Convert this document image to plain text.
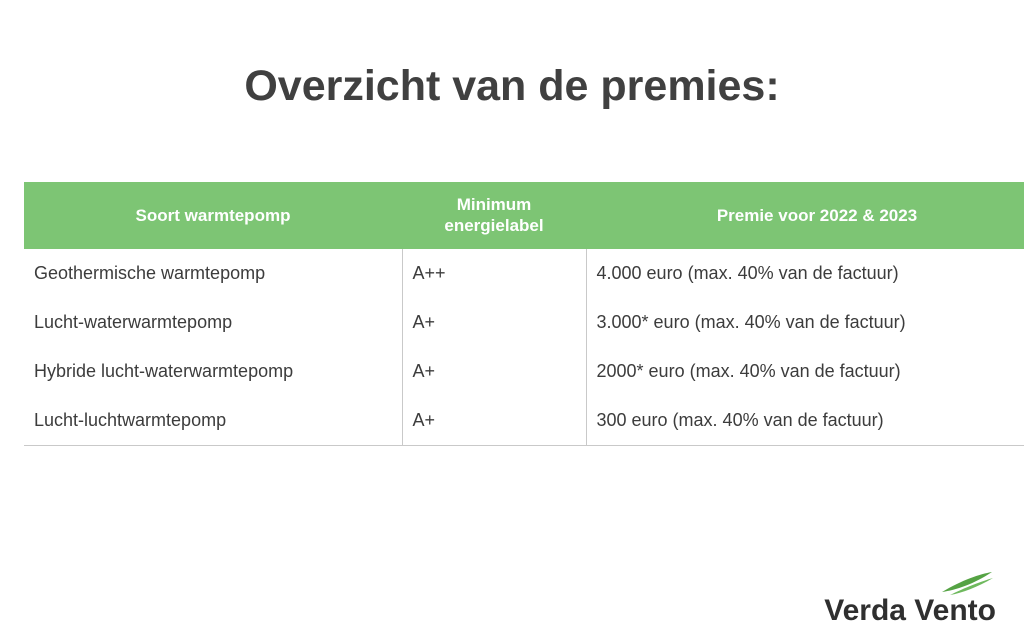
Overzicht van de premies:
Soort warmtepomp	Minimum energielabel	Premie voor 2022 & 2023
Geothermische warmtepomp	A++	4.000 euro (max. 40% van de factuur)
Lucht-waterwarmtepomp	A+	3.000* euro (max. 40% van de factuur)
Hybride lucht-waterwarmtepomp	A+	2000* euro (max. 40% van de factuur)
Lucht-luchtwarmtepomp	A+	300 euro (max. 40% van de factuur)
Verda Vento
